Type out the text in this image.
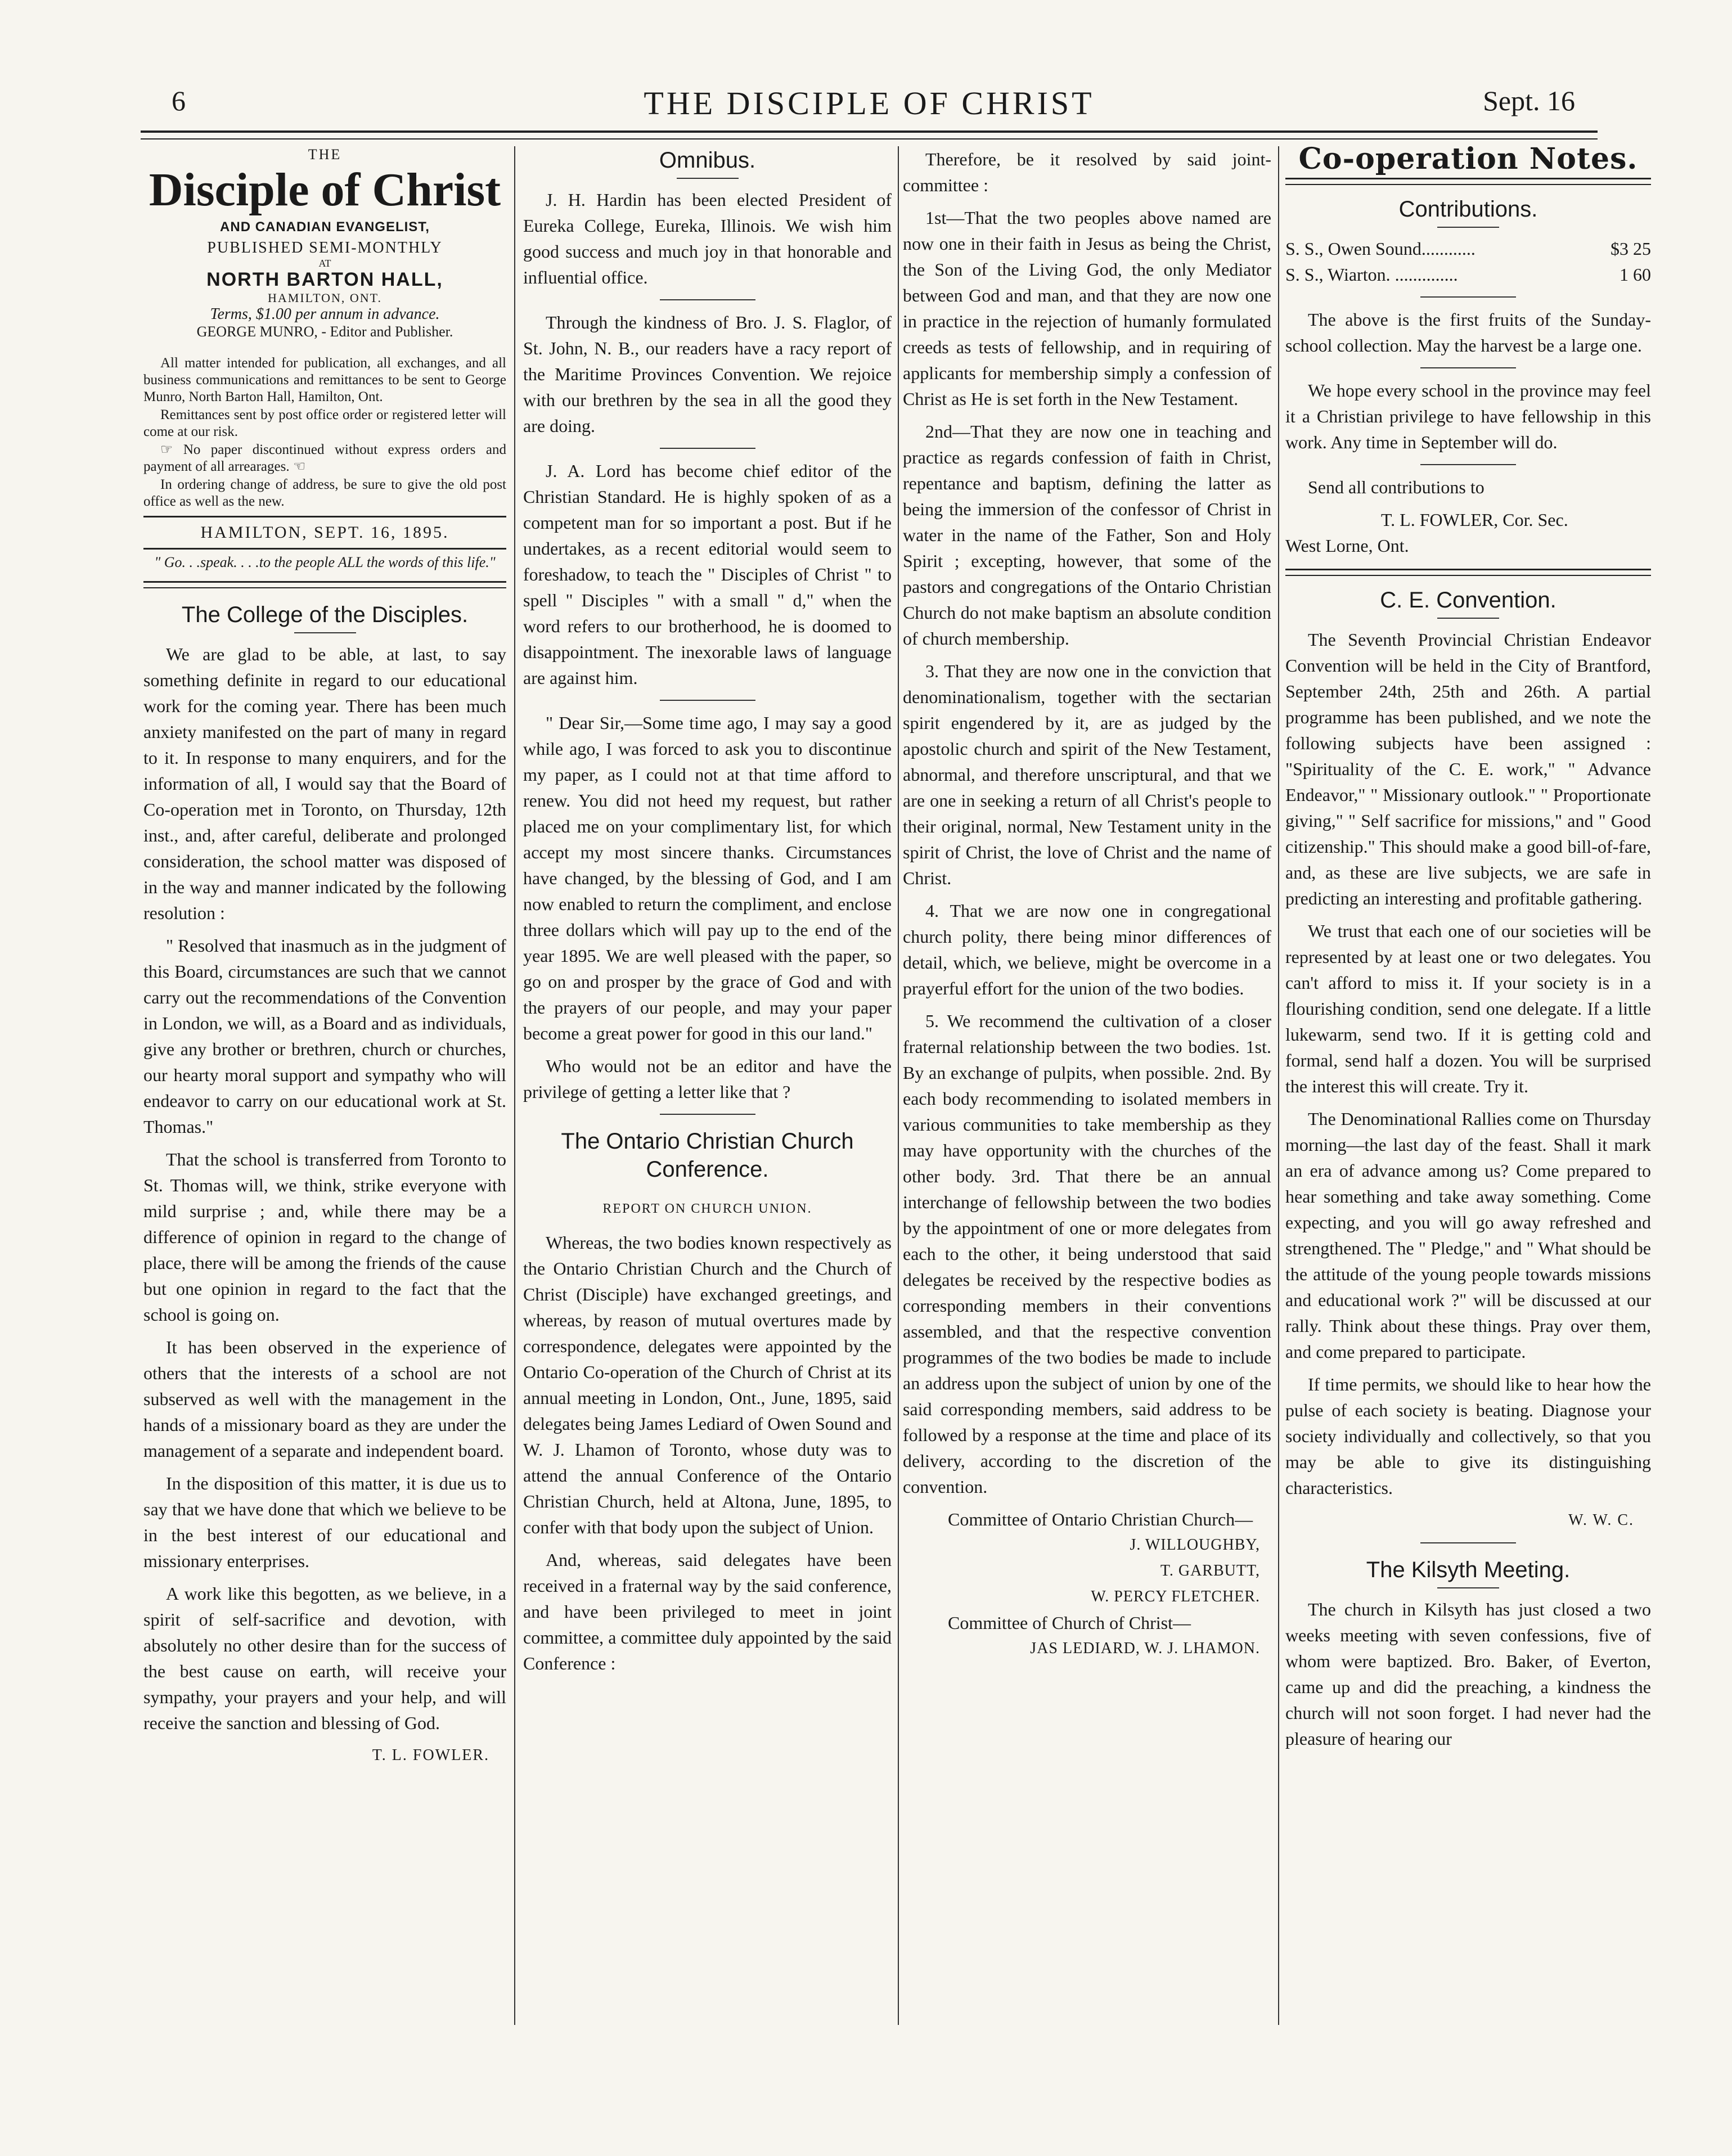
6	THE DISCIPLE OF CHRIST	Sept. 16
THE
Disciple of Christ
AND CANADIAN EVANGELIST,
PUBLISHED SEMI-MONTHLY
AT
NORTH BARTON HALL,
HAMILTON, ONT.
Terms, $1.00 per annum in advance.
GEORGE MUNRO, - Editor and Publisher.
All matter intended for publication, all exchanges, and all business communications and remittances to be sent to George Munro, North Barton Hall, Hamilton, Ont.
Remittances sent by post office order or registered letter will come at our risk.
☞ No paper discontinued without express orders and payment of all arrearages. ☜
In ordering change of address, be sure to give the old post office as well as the new.
HAMILTON, SEPT. 16, 1895.
" Go. . .speak. . . .to the people ALL the words of this life."
The College of the Disciples.

We are glad to be able, at last, to say something definite in regard to our educational work for the coming year. There has been much anxiety manifested on the part of many in regard to it. In response to many enquirers, and for the information of all, I would say that the Board of Co-operation met in Toronto, on Thursday, 12th inst., and, after careful, deliberate and prolonged consideration, the school matter was disposed of in the way and manner indicated by the following resolution :

" Resolved that inasmuch as in the judgment of this Board, circumstances are such that we cannot carry out the recommendations of the Convention in London, we will, as a Board and as individuals, give any brother or brethren, church or churches, our hearty moral support and sympathy who will endeavor to carry on our educational work at St. Thomas."

That the school is transferred from Toronto to St. Thomas will, we think, strike everyone with mild surprise ; and, while there may be a difference of opinion in regard to the change of place, there will be among the friends of the cause but one opinion in regard to the fact that the school is going on.

It has been observed in the experience of others that the interests of a school are not subserved as well with the management in the hands of a missionary board as they are under the management of a separate and independent board.

In the disposition of this matter, it is due us to say that we have done that which we believe to be in the best interest of our educational and missionary enterprises.

A work like this begotten, as we believe, in a spirit of self-sacrifice and devotion, with absolutely no other desire than for the success of the best cause on earth, will receive your sympathy, your prayers and your help, and will receive the sanction and blessing of God.

T. L. FOWLER.
Omnibus.

J. H. Hardin has been elected President of Eureka College, Eureka, Illinois. We wish him good success and much joy in that honorable and influential office.

Through the kindness of Bro. J. S. Flaglor, of St. John, N. B., our readers have a racy report of the Maritime Provinces Convention. We rejoice with our brethren by the sea in all the good they are doing.

J. A. Lord has become chief editor of the Christian Standard. He is highly spoken of as a competent man for so important a post. But if he undertakes, as a recent editorial would seem to foreshadow, to teach the " Disciples of Christ " to spell " Disciples " with a small " d," when the word refers to our brotherhood, he is doomed to disappointment. The inexorable laws of language are against him.

" Dear Sir,—Some time ago, I may say a good while ago, I was forced to ask you to discontinue my paper, as I could not at that time afford to renew. You did not heed my request, but rather placed me on your complimentary list, for which accept my most sincere thanks. Circumstances have changed, by the blessing of God, and I am now enabled to return the compliment, and enclose three dollars which will pay up to the end of the year 1895. We are well pleased with the paper, so go on and prosper by the grace of God and with the prayers of our people, and may your paper become a great power for good in this our land."

Who would not be an editor and have the privilege of getting a letter like that ?

The Ontario Christian Church Conference.
REPORT ON CHURCH UNION.

Whereas, the two bodies known respectively as the Ontario Christian Church and the Church of Christ (Disciple) have exchanged greetings, and whereas, by reason of mutual overtures made by correspondence, delegates were appointed by the Ontario Co-operation of the Church of Christ at its annual meeting in London, Ont., June, 1895, said delegates being James Lediard of Owen Sound and W. J. Lhamon of Toronto, whose duty was to attend the annual Conference of the Ontario Christian Church, held at Altona, June, 1895, to confer with that body upon the subject of Union.

And, whereas, said delegates have been received in a fraternal way by the said conference, and have been privileged to meet in joint committee, a committee duly appointed by the said Conference :

Therefore, be it resolved by said joint-committee :

1st—That the two peoples above named are now one in their faith in Jesus as being the Christ, the Son of the Living God, the only Mediator between God and man, and that they are now one in practice in the rejection of humanly formulated creeds as tests of fellowship, and in requiring of applicants for membership simply a confession of Christ as He is set forth in the New Testament.

2nd—That they are now one in teaching and practice as regards confession of faith in Christ, repentance and baptism, defining the latter as being the immersion of the confessor of Christ in water in the name of the Father, Son and Holy Spirit ; excepting, however, that some of the pastors and congregations of the Ontario Christian Church do not make baptism an absolute condition of church membership.

3. That they are now one in the conviction that denominationalism, together with the sectarian spirit engendered by it, are as judged by the apostolic church and spirit of the New Testament, abnormal, and therefore unscriptural, and that we are one in seeking a return of all Christ's people to their original, normal, New Testament unity in the spirit of Christ, the love of Christ and the name of Christ.

4. That we are now one in congregational church polity, there being minor differences of detail, which, we believe, might be overcome in a prayerful effort for the union of the two bodies.

5. We recommend the cultivation of a closer fraternal relationship between the two bodies. 1st. By an exchange of pulpits, when possible. 2nd. By each body recommending to isolated members in various communities to take membership as they may have opportunity with the churches of the other body. 3rd. That there be an annual interchange of fellowship between the two bodies by the appointment of one or more delegates from each to the other, it being understood that said delegates be received by the respective bodies as corresponding members in their conventions assembled, and that the respective convention programmes of the two bodies be made to include an address upon the subject of union by one of the said corresponding members, said address to be followed by a response at the time and place of its delivery, according to the discretion of the convention.

Committee of Ontario Christian Church—
J. WILLOUGHBY,
T. GARBUTT,
W. PERCY FLETCHER.
Committee of Church of Christ—
JAS LEDIARD, W. J. LHAMON.
Co-operation Notes.
Contributions.
S. S., Owen Sound............	$3 25
S. S., Wiarton. ..............	1 60

The above is the first fruits of the Sunday-school collection. May the harvest be a large one.

We hope every school in the province may feel it a Christian privilege to have fellowship in this work. Any time in September will do.

Send all contributions to

T. L. FOWLER, Cor. Sec.
West Lorne, Ont.
C. E. Convention.

The Seventh Provincial Christian Endeavor Convention will be held in the City of Brantford, September 24th, 25th and 26th. A partial programme has been published, and we note the following subjects have been assigned : "Spirituality of the C. E. work," " Advance Endeavor," " Missionary outlook." " Proportionate giving," " Self sacrifice for missions," and " Good citizenship." This should make a good bill-of-fare, and, as these are live subjects, we are safe in predicting an interesting and profitable gathering.

We trust that each one of our societies will be represented by at least one or two delegates. You can't afford to miss it. If your society is in a flourishing condition, send one delegate. If a little lukewarm, send two. If it is getting cold and formal, send half a dozen. You will be surprised the interest this will create. Try it.

The Denominational Rallies come on Thursday morning—the last day of the feast. Shall it mark an era of advance among us? Come prepared to hear something and take away something. Come expecting, and you will go away refreshed and strengthened. The " Pledge," and " What should be the attitude of the young people towards missions and educational work ?" will be discussed at our rally. Think about these things. Pray over them, and come prepared to participate.

If time permits, we should like to hear how the pulse of each society is beating. Diagnose your society individually and collectively, so that you may be able to give its distinguishing characteristics.

W. W. C.
The Kilsyth Meeting.

The church in Kilsyth has just closed a two weeks meeting with seven confessions, five of whom were baptized. Bro. Baker, of Everton, came up and did the preaching, a kindness the church will not soon forget. I had never had the pleasure of hearing our
